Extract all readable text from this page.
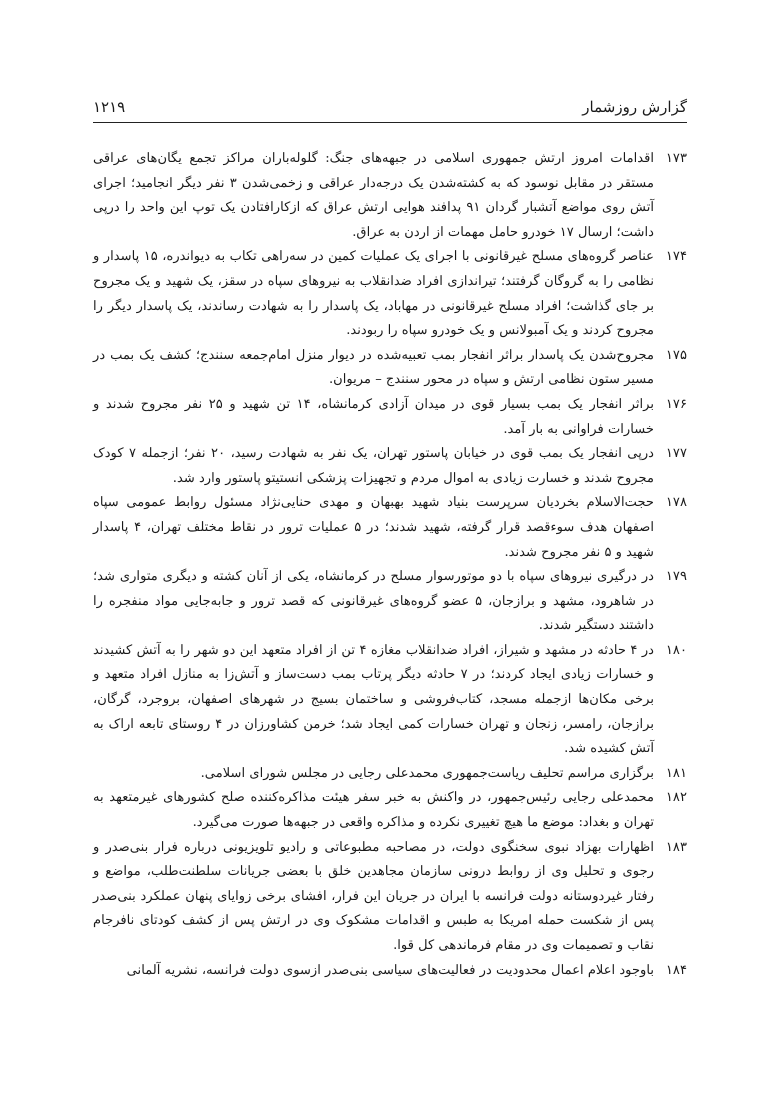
گزارش روزشمار
۱۲۱۹

۱۷۳
اقدامات امروز ارتش جمهوری اسلامی در جبهه‌های جنگ: گلوله‌باران مراکز تجمع یگان‌های عراقی مستقر در مقابل نوسود که به کشته‌شدن یک درجه‌دار عراقی و زخمی‌شدن ۳ نفر دیگر انجامید؛ اجرای آتش روی مواضع آتشبار گردان ۹۱ پدافند هوایی ارتش عراق که ازکارافتادن یک توپ این واحد را درپی داشت؛ ارسال ۱۷ خودرو حامل مهمات از اردن به عراق.

۱۷۴
عناصر گروه‌های مسلح غیرقانونی با اجرای یک عملیات کمین در سه‌راهی تکاب به دیواندره، ۱۵ پاسدار و نظامی را به گروگان گرفتند؛ تیراندازی افراد ضدانقلاب به نیروهای سپاه در سقز، یک شهید و یک مجروح بر جای گذاشت؛ افراد مسلح غیرقانونی در مهاباد، یک پاسدار را به شهادت رساندند، یک پاسدار دیگر را مجروح کردند و یک آمبولانس و یک خودرو سپاه را ربودند.

۱۷۵
مجروح‌شدن یک پاسدار براثر انفجار بمب تعبیه‌شده در دیوار منزل امام‌جمعه سنندج؛ کشف یک بمب در مسیر ستون نظامی ارتش و سپاه در محور سنندج – مریوان.

۱۷۶
براثر انفجار یک بمب بسیار قوی در میدان آزادی کرمانشاه، ۱۴ تن شهید و ۲۵ نفر مجروح شدند و خسارات فراوانی به بار آمد.

۱۷۷
درپی انفجار یک بمب قوی در خیابان پاستور تهران، یک نفر به شهادت رسید، ۲۰ نفر؛ ازجمله ۷ کودک مجروح شدند و خسارت زیادی به اموال مردم و تجهیزات پزشکی انستیتو پاستور وارد شد.

۱۷۸
حجت‌الاسلام بخردیان سرپرست بنیاد شهید بهبهان و مهدی حنایی‌نژاد مسئول روابط عمومی سپاه اصفهان هدف سوءقصد قرار گرفته، شهید شدند؛ در ۵ عملیات ترور در نقاط مختلف تهران، ۴ پاسدار شهید و ۵ نفر مجروح شدند.

۱۷۹
در درگیری نیروهای سپاه با دو موتورسوار مسلح در کرمانشاه، یکی از آنان کشته و دیگری متواری شد؛ در شاهرود، مشهد و برازجان، ۵ عضو گروه‌های غیرقانونی که قصد ترور و جابه‌جایی مواد منفجره را داشتند دستگیر شدند.

۱۸۰
در ۴ حادثه در مشهد و شیراز، افراد ضدانقلاب مغازه ۴ تن از افراد متعهد این دو شهر را به آتش کشیدند و خسارات زیادی ایجاد کردند؛ در ۷ حادثه دیگر پرتاب بمب دست‌ساز و آتش‌زا به منازل افراد متعهد و برخی مکان‌ها ازجمله مسجد، کتاب‌فروشی و ساختمان بسیج در شهرهای اصفهان، بروجرد، گرگان، برازجان، رامسر، زنجان و تهران خسارات کمی ایجاد شد؛ خرمن کشاورزان در ۴ روستای تابعه اراک به آتش کشیده شد.

۱۸۱
برگزاری مراسم تحلیف ریاست‌جمهوری محمدعلی رجایی در مجلس شورای اسلامی.

۱۸۲
محمدعلی رجایی رئیس‌جمهور، در واکنش به خبر سفر هیئت مذاکره‌کننده صلح کشورهای غیرمتعهد به تهران و بغداد: موضع ما هیچ تغییری نکرده و مذاکره واقعی در جبهه‌ها صورت می‌گیرد.

۱۸۳
اظهارات بهزاد نبوی سخنگوی دولت، در مصاحبه مطبوعاتی و رادیو تلویزیونی درباره فرار بنی‌صدر و رجوی و تحلیل وی از روابط درونی سازمان مجاهدین خلق با بعضی جریانات سلطنت‌طلب، مواضع و رفتار غیردوستانه دولت فرانسه با ایران در جریان این فرار، افشای برخی زوایای پنهان عملکرد بنی‌صدر پس از شکست حمله امریکا به طبس و اقدامات مشکوک وی در ارتش پس از کشف کودتای نافرجام نقاب و تصمیمات وی در مقام فرماندهی کل قوا.

۱۸۴
باوجود اعلام اعمال محدودیت در فعالیت‌های سیاسی بنی‌صدر ازسوی دولت فرانسه، نشریه آلمانی
